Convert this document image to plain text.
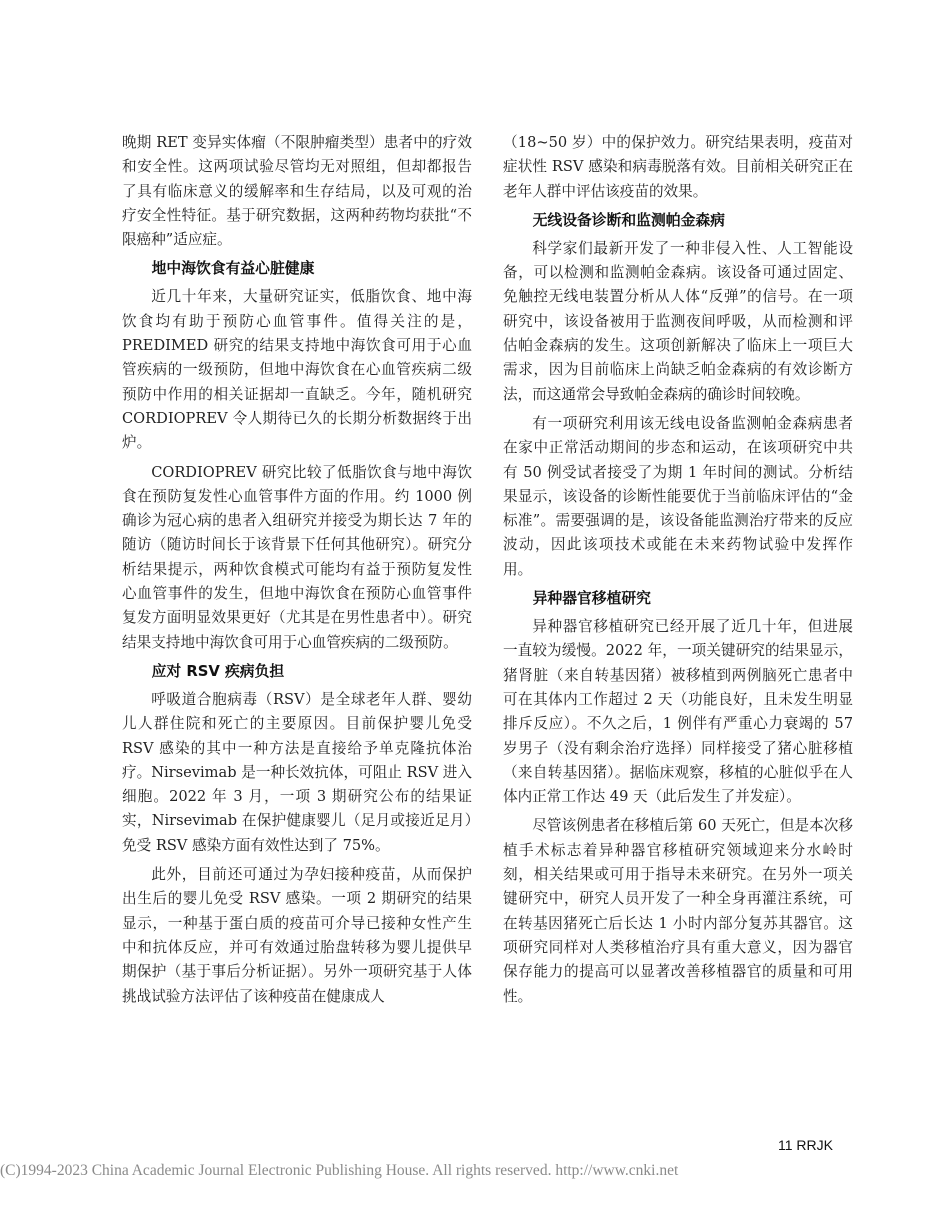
晚期 RET 变异实体瘤（不限肿瘤类型）患者中的疗效和安全性。这两项试验尽管均无对照组，但却都报告了具有临床意义的缓解率和生存结局，以及可观的治疗安全性特征。基于研究数据，这两种药物均获批“不限癌种”适应症。

地中海饮食有益心脏健康

近几十年来，大量研究证实，低脂饮食、地中海饮食均有助于预防心血管事件。值得关注的是，PREDIMED 研究的结果支持地中海饮食可用于心血管疾病的一级预防，但地中海饮食在心血管疾病二级预防中作用的相关证据却一直缺乏。今年，随机研究 CORDIOPREV 令人期待已久的长期分析数据终于出炉。

CORDIOPREV 研究比较了低脂饮食与地中海饮食在预防复发性心血管事件方面的作用。约 1000 例确诊为冠心病的患者入组研究并接受为期长达 7 年的随访（随访时间长于该背景下任何其他研究）。研究分析结果提示，两种饮食模式可能均有益于预防复发性心血管事件的发生，但地中海饮食在预防心血管事件复发方面明显效果更好（尤其是在男性患者中）。研究结果支持地中海饮食可用于心血管疾病的二级预防。

应对 RSV 疾病负担

呼吸道合胞病毒（RSV）是全球老年人群、婴幼儿人群住院和死亡的主要原因。目前保护婴儿免受 RSV 感染的其中一种方法是直接给予单克隆抗体治疗。Nirsevimab 是一种长效抗体，可阻止 RSV 进入细胞。2022 年 3 月，一项 3 期研究公布的结果证实，Nirsevimab 在保护健康婴儿（足月或接近足月）免受 RSV 感染方面有效性达到了 75%。

此外，目前还可通过为孕妇接种疫苗，从而保护出生后的婴儿免受 RSV 感染。一项 2 期研究的结果显示，一种基于蛋白质的疫苗可介导已接种女性产生中和抗体反应，并可有效通过胎盘转移为婴儿提供早期保护（基于事后分析证据）。另外一项研究基于人体挑战试验方法评估了该种疫苗在健康成人

（18~50 岁）中的保护效力。研究结果表明，疫苗对症状性 RSV 感染和病毒脱落有效。目前相关研究正在老年人群中评估该疫苗的效果。

无线设备诊断和监测帕金森病

科学家们最新开发了一种非侵入性、人工智能设备，可以检测和监测帕金森病。该设备可通过固定、免触控无线电装置分析从人体“反弹”的信号。在一项研究中，该设备被用于监测夜间呼吸，从而检测和评估帕金森病的发生。这项创新解决了临床上一项巨大需求，因为目前临床上尚缺乏帕金森病的有效诊断方法，而这通常会导致帕金森病的确诊时间较晚。

有一项研究利用该无线电设备监测帕金森病患者在家中正常活动期间的步态和运动，在该项研究中共有 50 例受试者接受了为期 1 年时间的测试。分析结果显示，该设备的诊断性能要优于当前临床评估的“金标准”。需要强调的是，该设备能监测治疗带来的反应波动，因此该项技术或能在未来药物试验中发挥作用。

异种器官移植研究

异种器官移植研究已经开展了近几十年，但进展一直较为缓慢。2022 年，一项关键研究的结果显示，猪肾脏（来自转基因猪）被移植到两例脑死亡患者中可在其体内工作超过 2 天（功能良好，且未发生明显排斥反应）。不久之后，1 例伴有严重心力衰竭的 57 岁男子（没有剩余治疗选择）同样接受了猪心脏移植（来自转基因猪）。据临床观察，移植的心脏似乎在人体内正常工作达 49 天（此后发生了并发症）。

尽管该例患者在移植后第 60 天死亡，但是本次移植手术标志着异种器官移植研究领域迎来分水岭时刻，相关结果或可用于指导未来研究。在另外一项关键研究中，研究人员开发了一种全身再灌注系统，可在转基因猪死亡后长达 1 小时内部分复苏其器官。这项研究同样对人类移植治疗具有重大意义，因为器官保存能力的提高可以显著改善移植器官的质量和可用性。

11 RRJK
(C)1994-2023 China Academic Journal Electronic Publishing House. All rights reserved. http://www.cnki.net
